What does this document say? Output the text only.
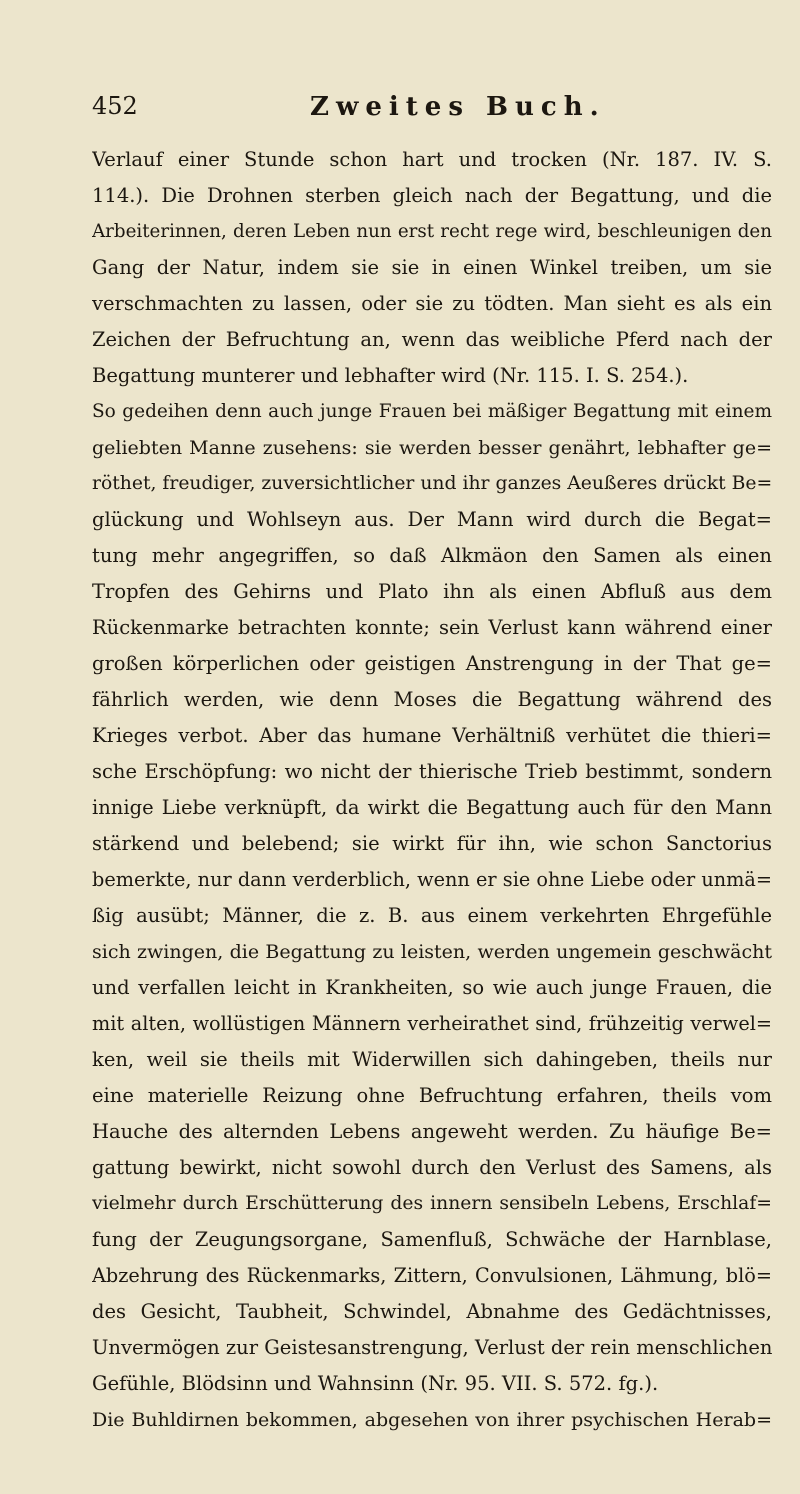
452	Zweites Buch.
Verlauf einer Stunde schon hart und trocken (Nr. 187. IV. S.
114.). Die Drohnen sterben gleich nach der Begattung, und die
Arbeiterinnen, deren Leben nun erst recht rege wird, beschleunigen den
Gang der Natur, indem sie sie in einen Winkel treiben, um sie
verschmachten zu lassen, oder sie zu tödten. Man sieht es als ein
Zeichen der Befruchtung an, wenn das weibliche Pferd nach der
Begattung munterer und lebhafter wird (Nr. 115. I. S. 254.).
So gedeihen denn auch junge Frauen bei mäßiger Begattung mit einem
geliebten Manne zusehens: sie werden besser genährt, lebhafter ge=
röthet, freudiger, zuversichtlicher und ihr ganzes Aeußeres drückt Be=
glückung und Wohlseyn aus. Der Mann wird durch die Begat=
tung mehr angegriffen, so daß Alkmäon den Samen als einen
Tropfen des Gehirns und Plato ihn als einen Abfluß aus dem
Rückenmarke betrachten konnte; sein Verlust kann während einer
großen körperlichen oder geistigen Anstrengung in der That ge=
fährlich werden, wie denn Moses die Begattung während des
Krieges verbot. Aber das humane Verhältniß verhütet die thieri=
sche Erschöpfung: wo nicht der thierische Trieb bestimmt, sondern
innige Liebe verknüpft, da wirkt die Begattung auch für den Mann
stärkend und belebend; sie wirkt für ihn, wie schon Sanctorius
bemerkte, nur dann verderblich, wenn er sie ohne Liebe oder unmä=
ßig ausübt; Männer, die z. B. aus einem verkehrten Ehrgefühle
sich zwingen, die Begattung zu leisten, werden ungemein geschwächt
und verfallen leicht in Krankheiten, so wie auch junge Frauen, die
mit alten, wollüstigen Männern verheirathet sind, frühzeitig verwel=
ken, weil sie theils mit Widerwillen sich dahingeben, theils nur
eine materielle Reizung ohne Befruchtung erfahren, theils vom
Hauche des alternden Lebens angeweht werden. Zu häufige Be=
gattung bewirkt, nicht sowohl durch den Verlust des Samens, als
vielmehr durch Erschütterung des innern sensibeln Lebens, Erschlaf=
fung der Zeugungsorgane, Samenfluß, Schwäche der Harnblase,
Abzehrung des Rückenmarks, Zittern, Convulsionen, Lähmung, blö=
des Gesicht, Taubheit, Schwindel, Abnahme des Gedächtnisses,
Unvermögen zur Geistesanstrengung, Verlust der rein menschlichen
Gefühle, Blödsinn und Wahnsinn (Nr. 95. VII. S. 572. fg.).
Die Buhldirnen bekommen, abgesehen von ihrer psychischen Herab=
